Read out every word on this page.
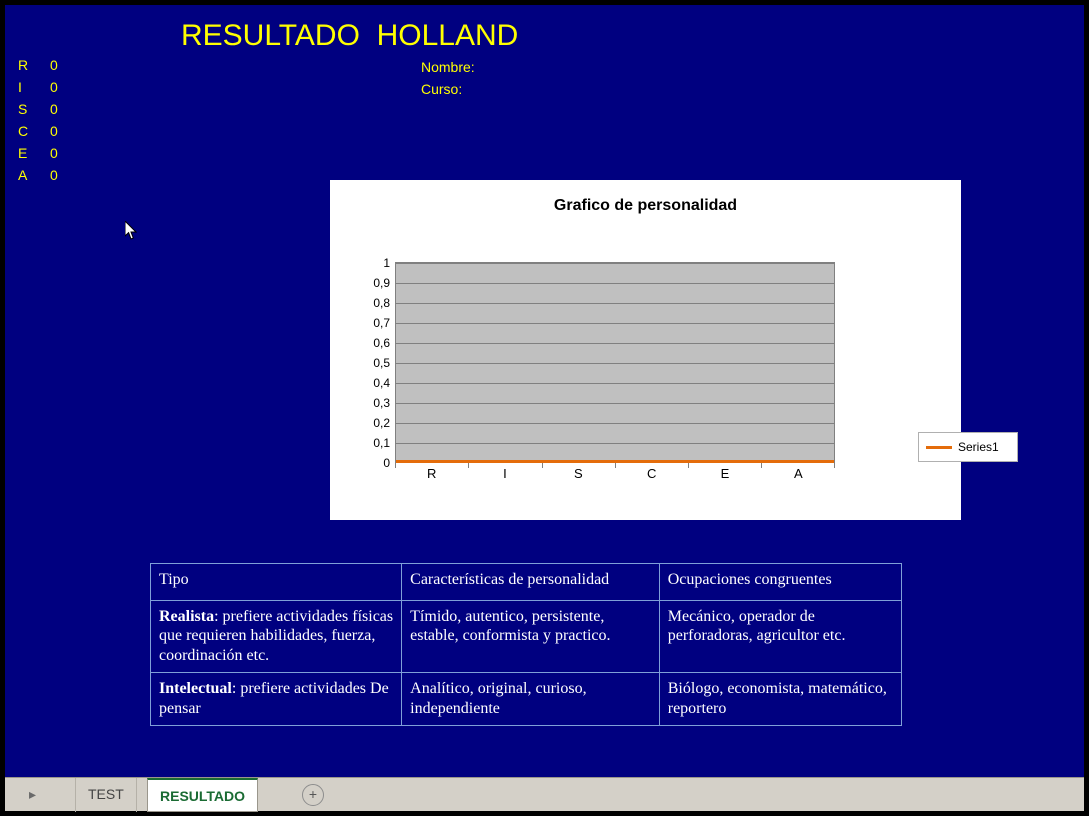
RESULTADO  HOLLAND
R 0
I 0
S 0
C 0
E 0
A 0
Nombre:
Curso:
Grafico de personalidad
1
0,9
0,8
0,7
0,6
0,5
0,4
0,3
0,2
0,1
0
R	I	S	C	E	A
Series1
Tipo	Características de personalidad	Ocupaciones congruentes
Realista: prefiere actividades físicas que requieren habilidades, fuerza, coordinación etc.	Tímido, autentico, persistente, estable, conformista y practico.	Mecánico, operador de perforadoras, agricultor etc.
Intelectual: prefiere actividades De pensar	Analítico, original, curioso, independiente	Biólogo, economista, matemático, reportero
▸	TEST	RESULTADO	+
